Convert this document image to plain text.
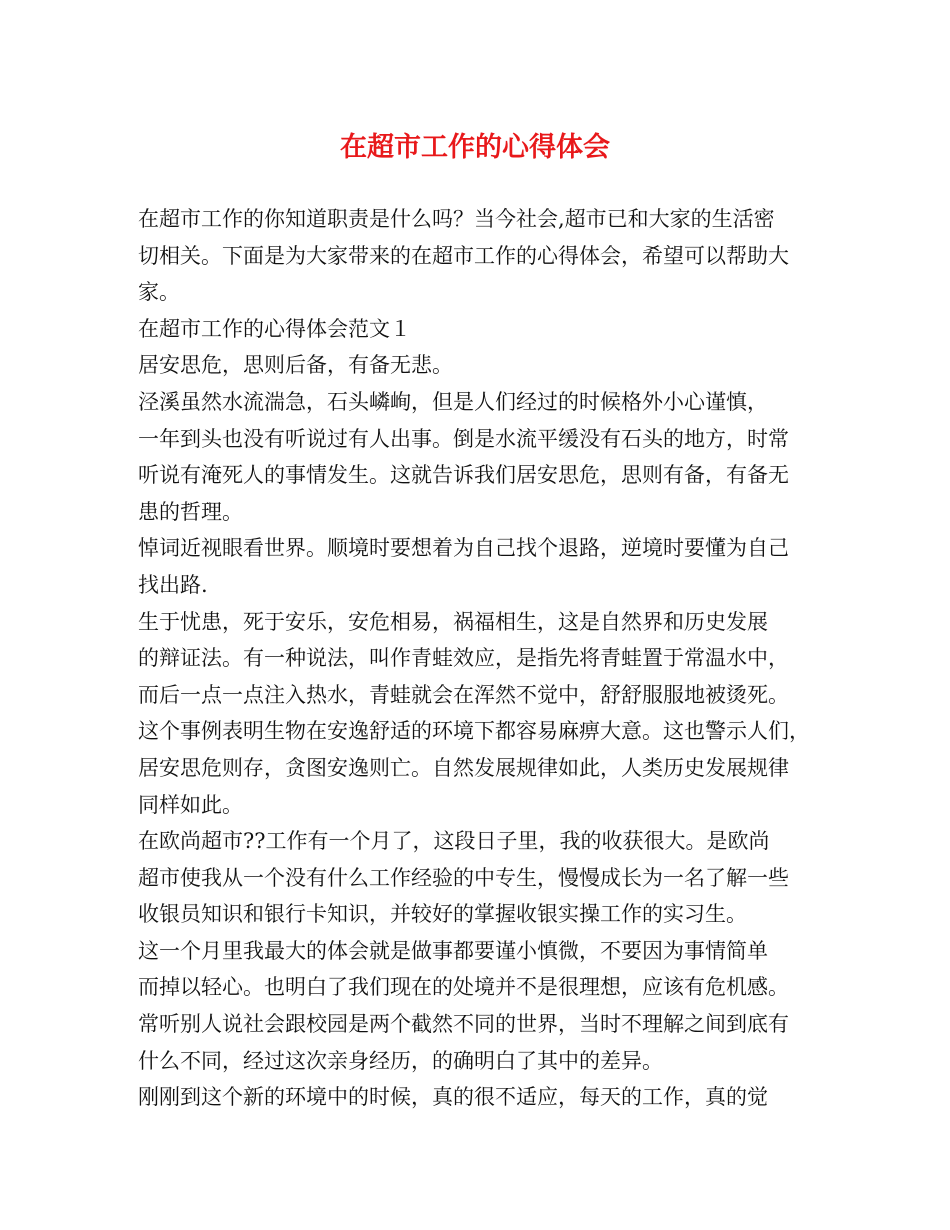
在超市工作的心得体会
在超市工作的你知道职责是什么吗？当今社会,超市已和大家的生活密
切相关。下面是为大家带来的在超市工作的心得体会，希望可以帮助大
家。
在超市工作的心得体会范文１
居安思危，思则后备，有备无悲。
泾溪虽然水流湍急，石头嶙峋，但是人们经过的时候格外小心谨慎，
一年到头也没有听说过有人出事。倒是水流平缓没有石头的地方，时常
听说有淹死人的事情发生。这就告诉我们居安思危，思则有备，有备无
患的哲理。
悼词近视眼看世界。顺境时要想着为自己找个退路，逆境时要懂为自己
找出路.
生于忧患，死于安乐，安危相易，祸福相生，这是自然界和历史发展
的辩证法。有一种说法，叫作青蛙效应，是指先将青蛙置于常温水中，
而后一点一点注入热水，青蛙就会在浑然不觉中，舒舒服服地被烫死。
这个事例表明生物在安逸舒适的环境下都容易麻痹大意。这也警示人们，
居安思危则存，贪图安逸则亡。自然发展规律如此，人类历史发展规律
同样如此。
在欧尚超市??工作有一个月了，这段日子里，我的收获很大。是欧尚
超市使我从一个没有什么工作经验的中专生，慢慢成长为一名了解一些
收银员知识和银行卡知识，并较好的掌握收银实操工作的实习生。
这一个月里我最大的体会就是做事都要谨小慎微，不要因为事情简单
而掉以轻心。也明白了我们现在的处境并不是很理想，应该有危机感。
常听别人说社会跟校园是两个截然不同的世界，当时不理解之间到底有
什么不同，经过这次亲身经历，的确明白了其中的差异。
刚刚到这个新的环境中的时候，真的很不适应，每天的工作，真的觉
